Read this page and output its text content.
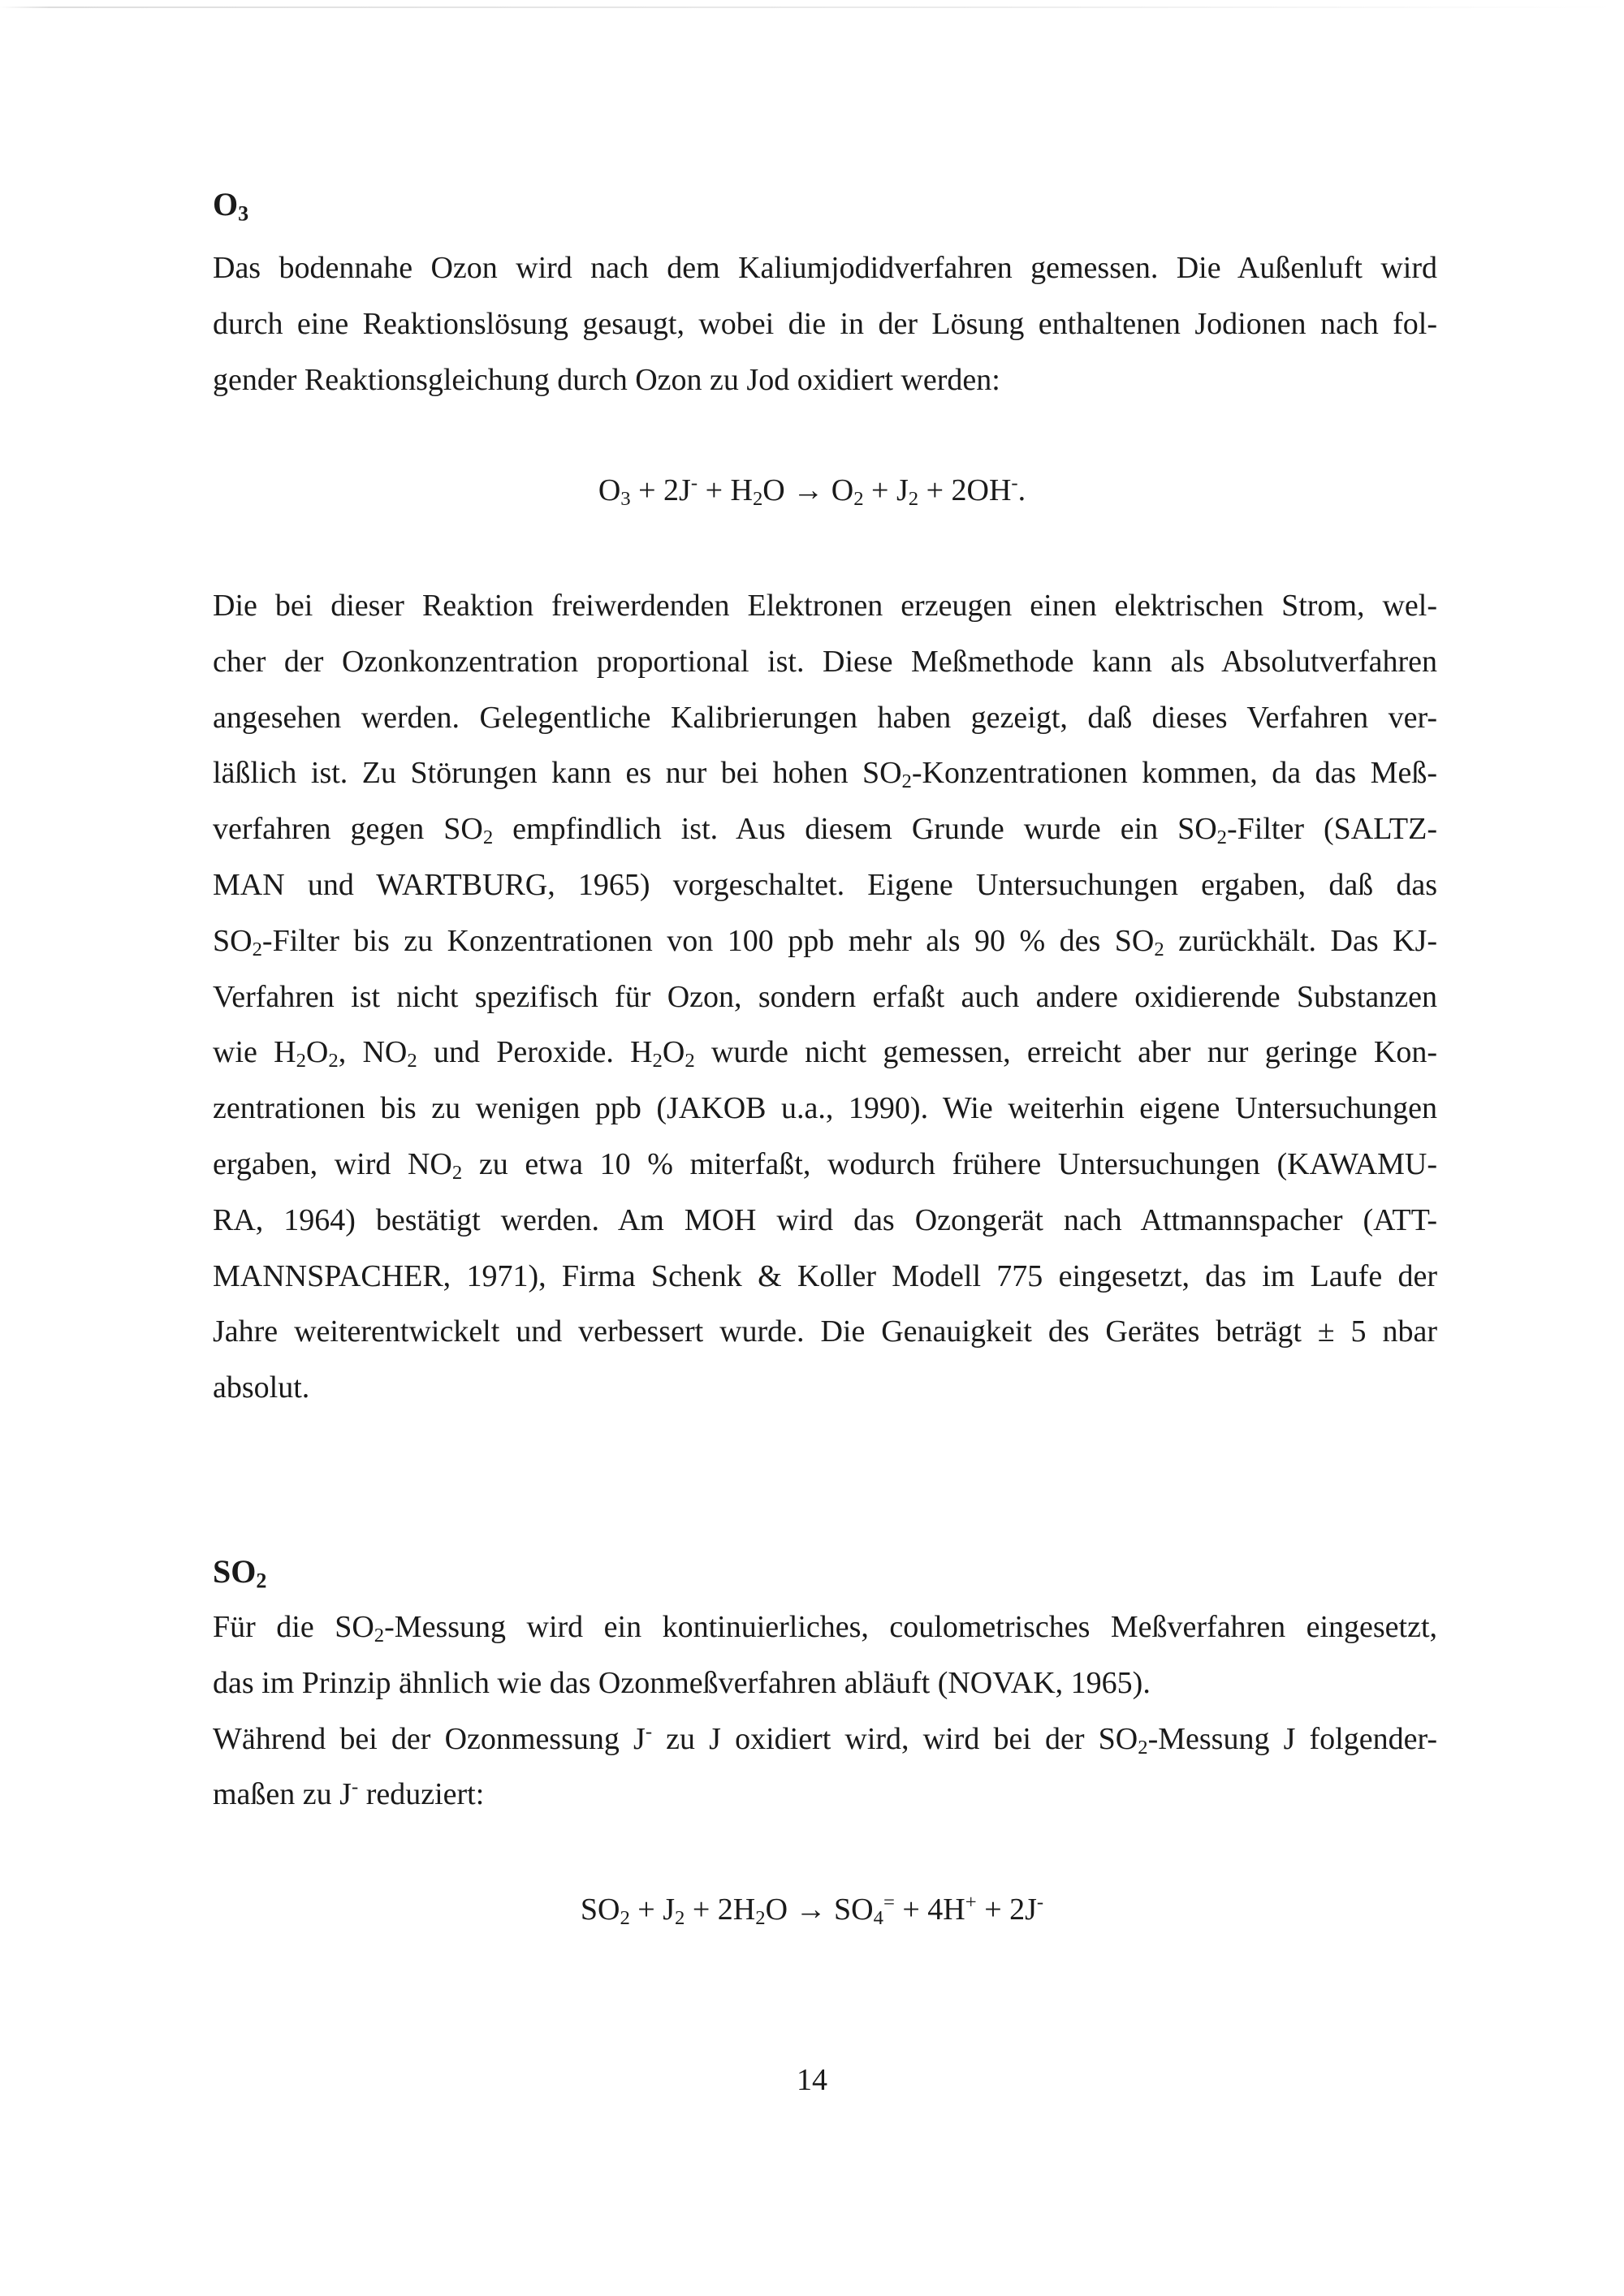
$O_3$
Das bodennahe Ozon wird nach dem Kaliumjodidverfahren gemessen. Die Außenluft wird
durch eine Reaktionslösung gesaugt, wobei die in der Lösung enthaltenen Jodionen nach fol-
gender Reaktionsgleichung durch Ozon zu Jod oxidiert werden:

$O_3 + 2J^- + H_2O \to O_2 + J_2 + 2OH^-$.

Die bei dieser Reaktion freiwerdenden Elektronen erzeugen einen elektrischen Strom, wel-
cher der Ozonkonzentration proportional ist. Diese Meßmethode kann als Absolutverfahren
angesehen werden. Gelegentliche Kalibrierungen haben gezeigt, daß dieses Verfahren ver-
läßlich ist. Zu Störungen kann es nur bei hohen $SO_2$-Konzentrationen kommen, da das Meß-
verfahren gegen $SO_2$ empfindlich ist. Aus diesem Grunde wurde ein $SO_2$-Filter (SALTZ-
MAN und WARTBURG, 1965) vorgeschaltet. Eigene Untersuchungen ergaben, daß das
$SO_2$-Filter bis zu Konzentrationen von 100 ppb mehr als 90 % des $SO_2$ zurückhält. Das KJ-
Verfahren ist nicht spezifisch für Ozon, sondern erfaßt auch andere oxidierende Substanzen
wie $H_2O_2$, $NO_2$ und Peroxide. $H_2O_2$ wurde nicht gemessen, erreicht aber nur geringe Kon-
zentrationen bis zu wenigen ppb (JAKOB u.a., 1990). Wie weiterhin eigene Untersuchungen
ergaben, wird $NO_2$ zu etwa 10 % miterfaßt, wodurch frühere Untersuchungen (KAWAMU-
RA, 1964) bestätigt werden. Am MOH wird das Ozongerät nach Attmannspacher (ATT-
MANNSPACHER, 1971), Firma Schenk & Koller Modell 775 eingesetzt, das im Laufe der
Jahre weiterentwickelt und verbessert wurde. Die Genauigkeit des Gerätes beträgt ± 5 nbar
absolut.
$SO_2$
Für die $SO_2$-Messung wird ein kontinuierliches, coulometrisches Meßverfahren eingesetzt,
das im Prinzip ähnlich wie das Ozonmeßverfahren abläuft (NOVAK, 1965).
Während bei der Ozonmessung J- zu J oxidiert wird, wird bei der $SO_2$-Messung J folgender-
maßen zu J- reduziert:

$SO_2 + J_2 + 2H_2O \to SO_4^= + 4H^+ + 2J^-$

14
